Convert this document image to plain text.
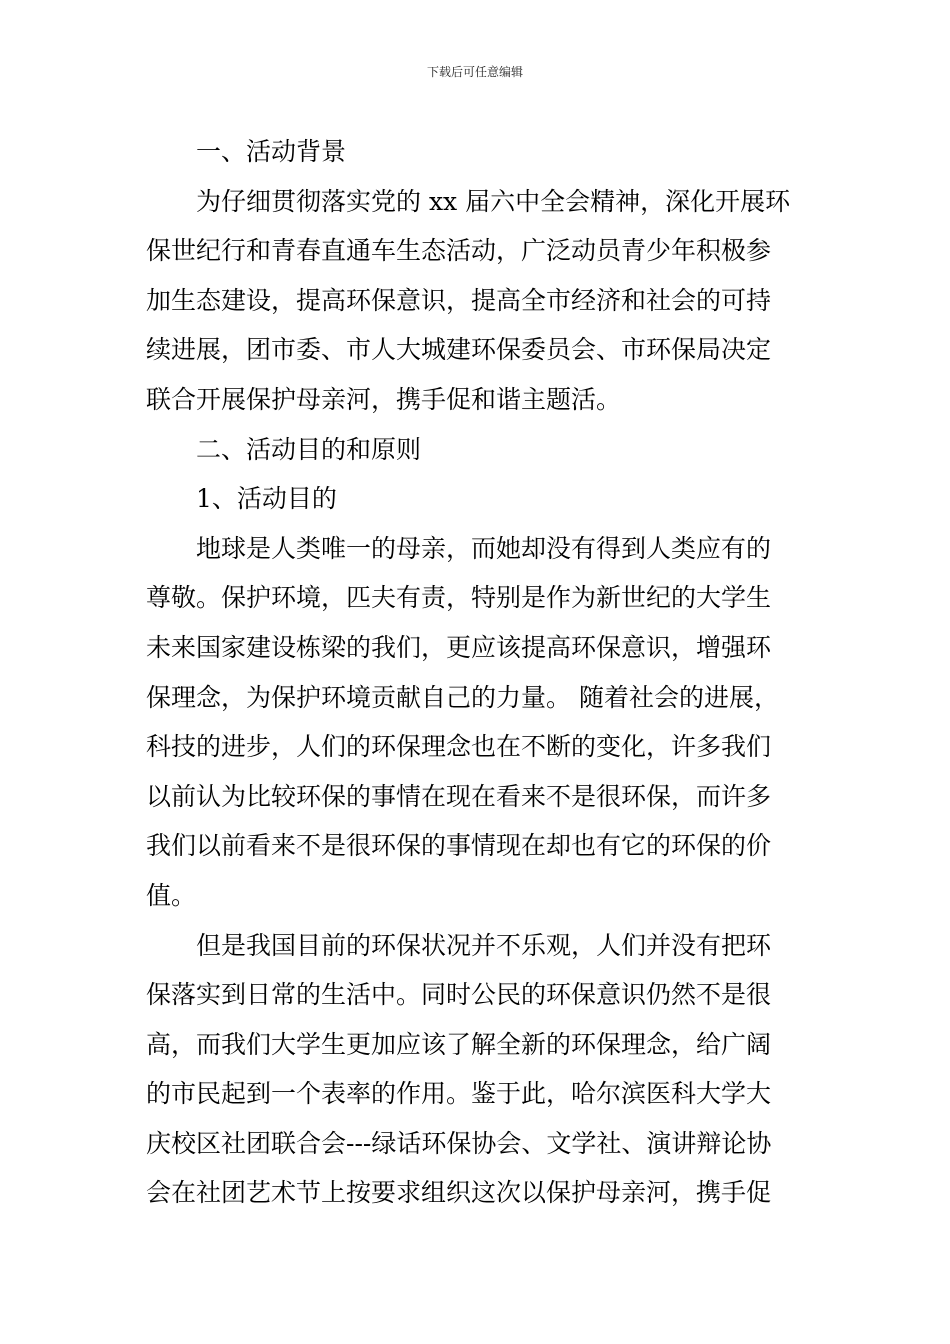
下载后可任意编辑
一、活动背景
为仔细贯彻落实党的 xx 届六中全会精神，深化开展环
保世纪行和青春直通车生态活动，广泛动员青少年积极参
加生态建设，提高环保意识，提高全市经济和社会的可持
续进展，团市委、市人大城建环保委员会、市环保局决定
联合开展保护母亲河，携手促和谐主题活。
二、活动目的和原则
1、活动目的
地球是人类唯一的母亲，而她却没有得到人类应有的
尊敬。保护环境，匹夫有责，特别是作为新世纪的大学生
未来国家建设栋梁的我们，更应该提高环保意识，增强环
保理念，为保护环境贡献自己的力量。 随着社会的进展，
科技的进步，人们的环保理念也在不断的变化，许多我们
以前认为比较环保的事情在现在看来不是很环保，而许多
我们以前看来不是很环保的事情现在却也有它的环保的价
值。
但是我国目前的环保状况并不乐观，人们并没有把环
保落实到日常的生活中。同时公民的环保意识仍然不是很
高，而我们大学生更加应该了解全新的环保理念，给广阔
的市民起到一个表率的作用。鉴于此，哈尔滨医科大学大
庆校区社团联合会---绿话环保协会、文学社、演讲辩论协
会在社团艺术节上按要求组织这次以保护母亲河，携手促
